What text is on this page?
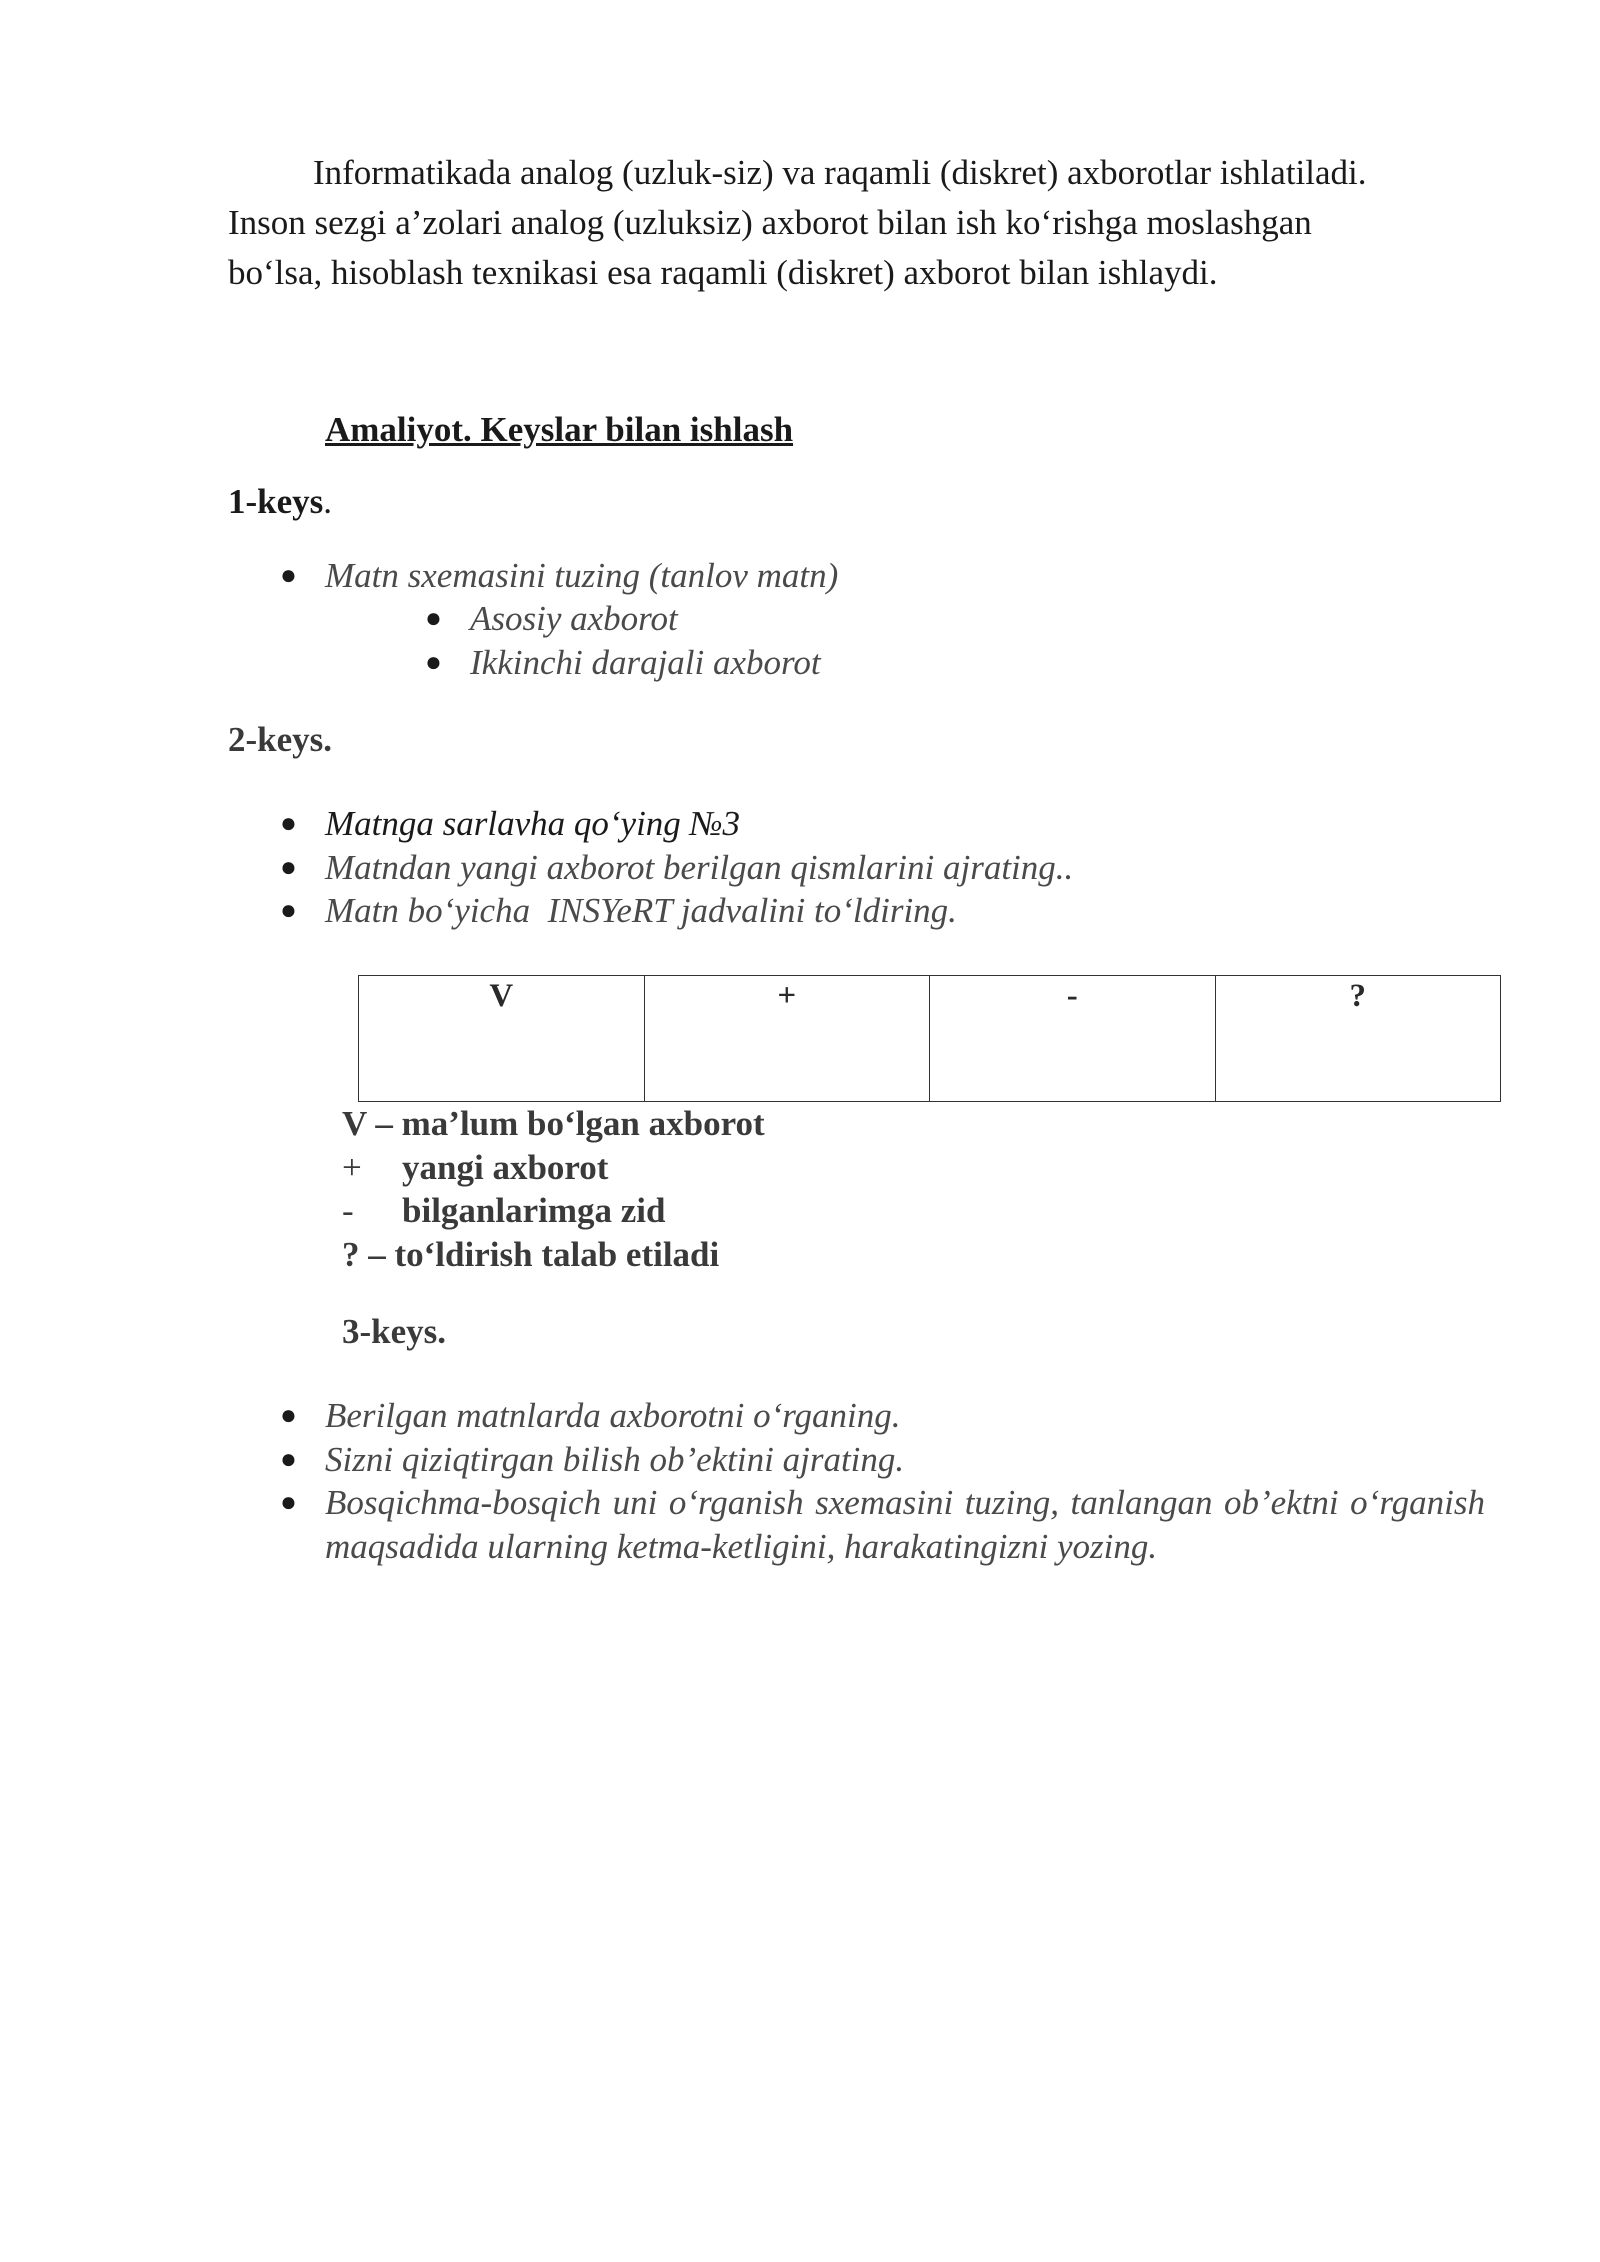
Informatikada analog (uzluk-siz) va raqamli (diskret) axborotlar ishlatiladi.
Inson sezgi a’zolari analog (uzluksiz) axborot bilan ish ko‘rishga moslashgan
bo‘lsa, hisoblash texnikasi esa raqamli (diskret) axborot bilan ishlaydi.

Amaliyot. Keyslar bilan ishlash

1-keys.

● Matn sxemasini tuzing (tanlov matn)
● Asosiy axborot
● Ikkinchi darajali axborot

2-keys.

● Matnga sarlavha qo‘ying №3
● Matndan yangi axborot berilgan qismlarini ajrating..
● Matn bo‘yicha  INSYeRT jadvalini to‘ldiring.
V	+	-	?
V – ma’lum bo‘lgan axborot
+ yangi axborot
- bilganlarimga zid
? – to‘ldirish talab etiladi

3-keys.

● Berilgan matnlarda axborotni o‘rganing.
● Sizni qiziqtirgan bilish ob’ektini ajrating.
● Bosqichma-bosqich uni o‘rganish sxemasini tuzing, tanlangan ob’ektni o‘rganish maqsadida ularning ketma-ketligini, harakatingizni yozing.
